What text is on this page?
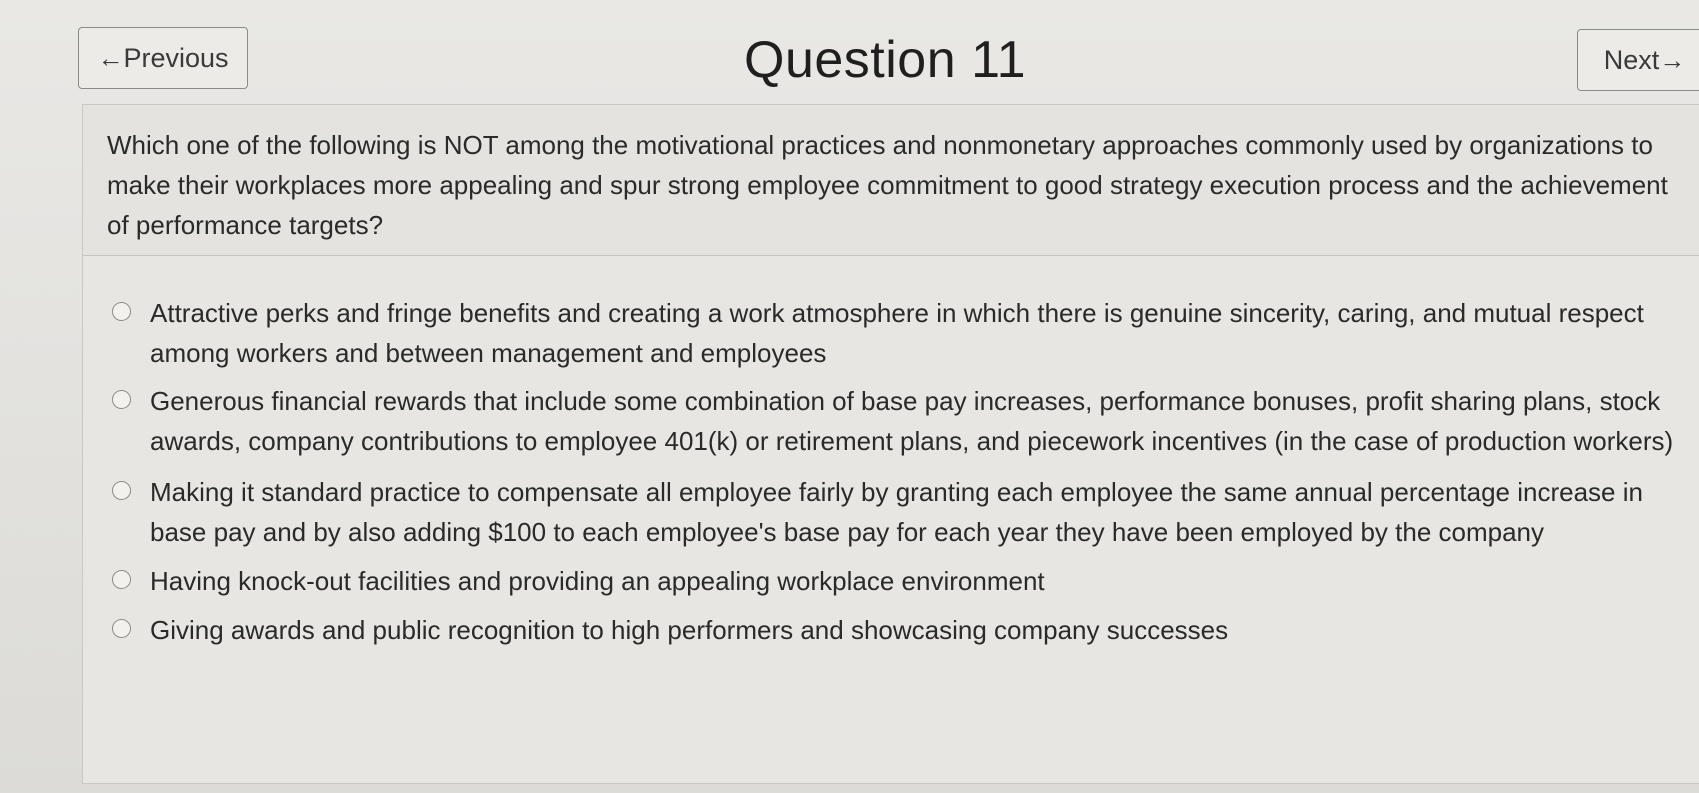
← Previous	Question 11	Next →
Which one of the following is NOT among the motivational practices and nonmonetary approaches commonly used by organizations to make their workplaces more appealing and spur strong employee commitment to good strategy execution process and the achievement of performance targets?
Attractive perks and fringe benefits and creating a work atmosphere in which there is genuine sincerity, caring, and mutual respect among workers and between management and employees
Generous financial rewards that include some combination of base pay increases, performance bonuses, profit sharing plans, stock awards, company contributions to employee 401(k) or retirement plans, and piecework incentives (in the case of production workers)
Making it standard practice to compensate all employee fairly by granting each employee the same annual percentage increase in base pay and by also adding $100 to each employee's base pay for each year they have been employed by the company
Having knock-out facilities and providing an appealing workplace environment
Giving awards and public recognition to high performers and showcasing company successes
